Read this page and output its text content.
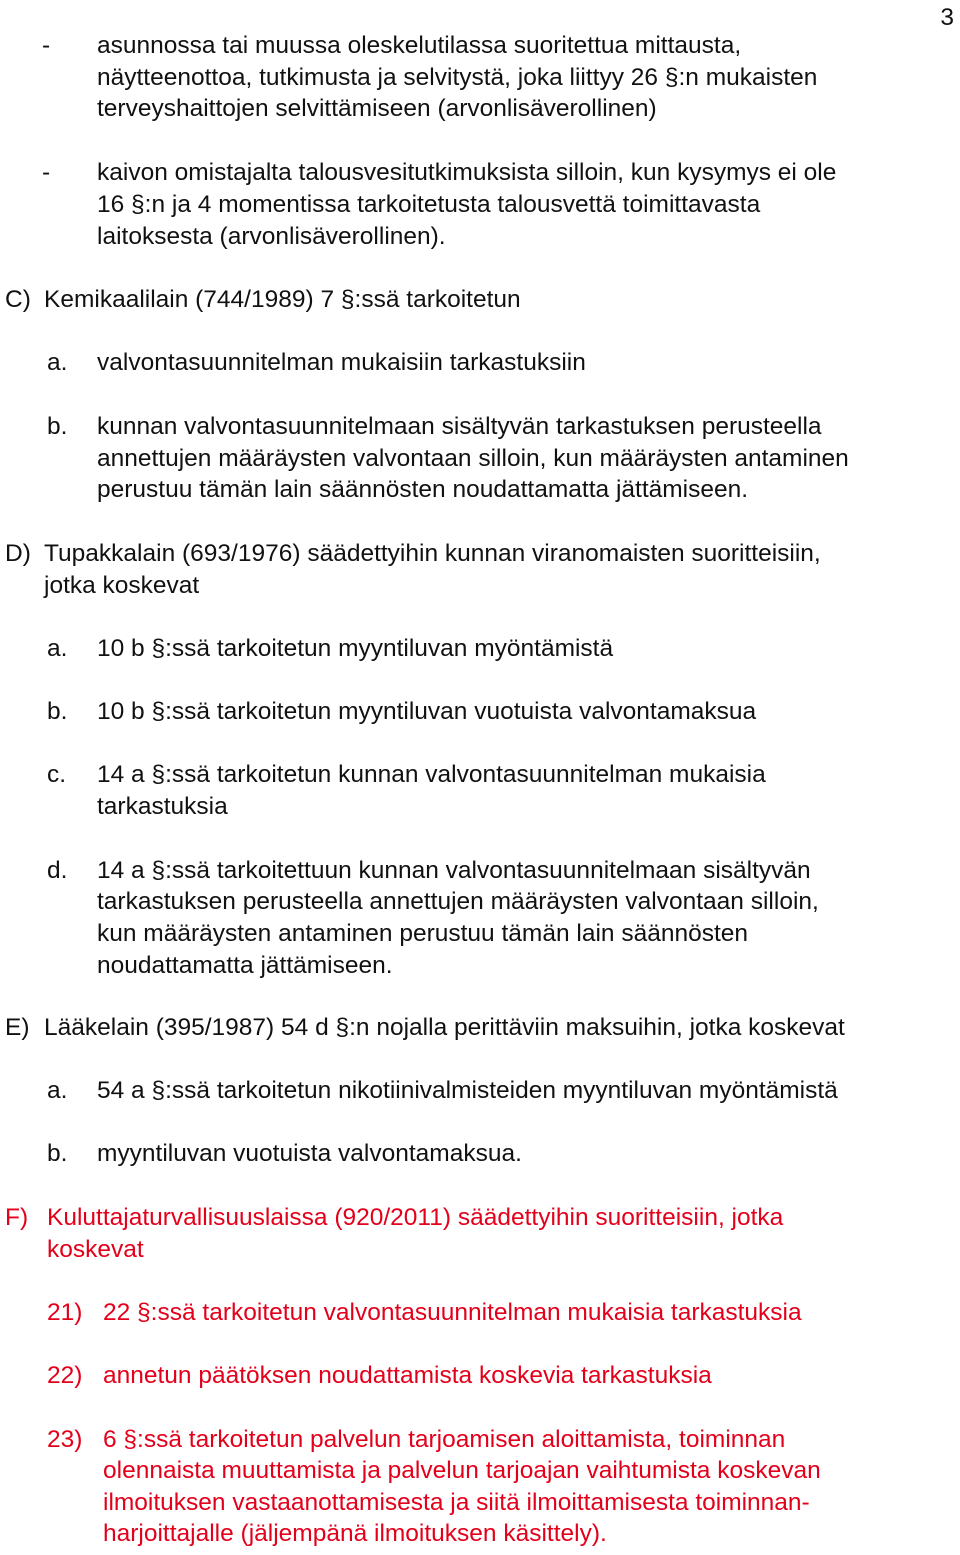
3
- asunnossa tai muussa oleskelutilassa suoritettua mittausta,
näytteenottoa, tutkimusta ja selvitystä, joka liittyy 26 §:n mukaisten
terveyshaittojen selvittämiseen (arvonlisäverollinen)
- kaivon omistajalta talousvesitutkimuksista silloin, kun kysymys ei ole
16 §:n ja 4 momentissa tarkoitetusta talousvettä toimittavasta
laitoksesta (arvonlisäverollinen).
C) Kemikaalilain (744/1989) 7 §:ssä tarkoitetun
a. valvontasuunnitelman mukaisiin tarkastuksiin
b. kunnan valvontasuunnitelmaan sisältyvän tarkastuksen perusteella
annettujen määräysten valvontaan silloin, kun määräysten antaminen
perustuu tämän lain säännösten noudattamatta jättämiseen.
D) Tupakkalain (693/1976) säädettyihin kunnan viranomaisten suoritteisiin,
jotka koskevat
a. 10 b §:ssä tarkoitetun myyntiluvan myöntämistä
b. 10 b §:ssä tarkoitetun myyntiluvan vuotuista valvontamaksua
c. 14 a §:ssä tarkoitetun kunnan valvontasuunnitelman mukaisia
tarkastuksia
d. 14 a §:ssä tarkoitettuun kunnan valvontasuunnitelmaan sisältyvän
tarkastuksen perusteella annettujen määräysten valvontaan silloin,
kun määräysten antaminen perustuu tämän lain säännösten
noudattamatta jättämiseen.
E) Lääkelain (395/1987) 54 d §:n nojalla perittäviin maksuihin, jotka koskevat
a. 54 a §:ssä tarkoitetun nikotiinivalmisteiden myyntiluvan myöntämistä
b. myyntiluvan vuotuista valvontamaksua.
F) Kuluttajaturvallisuuslaissa (920/2011) säädettyihin suoritteisiin, jotka
koskevat
21) 22 §:ssä tarkoitetun valvontasuunnitelman mukaisia tarkastuksia
22) annetun päätöksen noudattamista koskevia tarkastuksia
23) 6 §:ssä tarkoitetun palvelun tarjoamisen aloittamista, toiminnan
olennaista muuttamista ja palvelun tarjoajan vaihtumista koskevan
ilmoituksen vastaanottamisesta ja siitä ilmoittamisesta toiminnan-
harjoittajalle (jäljempänä ilmoituksen käsittely).
